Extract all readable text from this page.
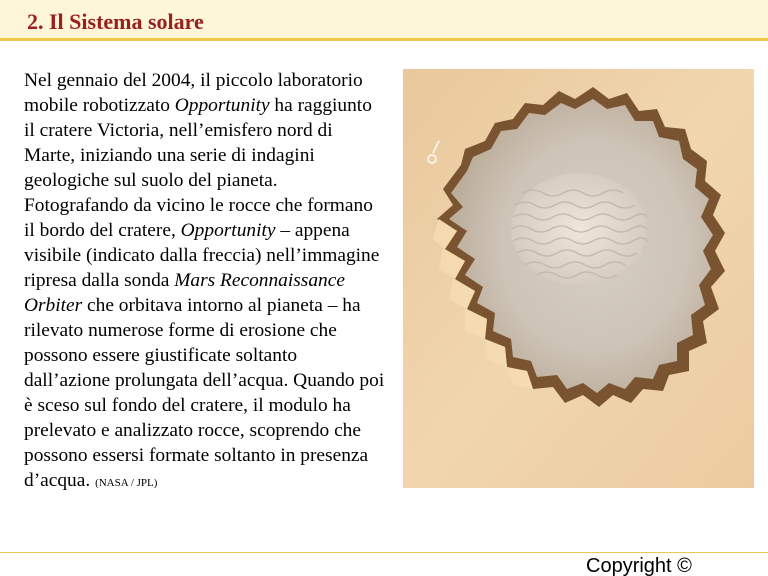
2. Il Sistema solare
Nel gennaio del 2004, il piccolo laboratorio mobile robotizzato Opportunity ha raggiunto il cratere Victoria, nell’emisfero nord di Marte, iniziando una serie di indagini geologiche sul suolo del pianeta. Fotografando da vicino le rocce che formano il bordo del cratere, Opportunity – appena visibile (indicato dalla freccia) nell’immagine ripresa dalla sonda Mars Reconnaissance Orbiter che orbitava intorno al pianeta – ha rilevato numerose forme di erosione che possono essere giustificate soltanto dall’azione prolungata dell’acqua. Quando poi è sceso sul fondo del cratere, il modulo ha prelevato e analizzato rocce, scoprendo che possono essersi formate soltanto in presenza d’acqua. (NASA / JPL)
Copyright ©
